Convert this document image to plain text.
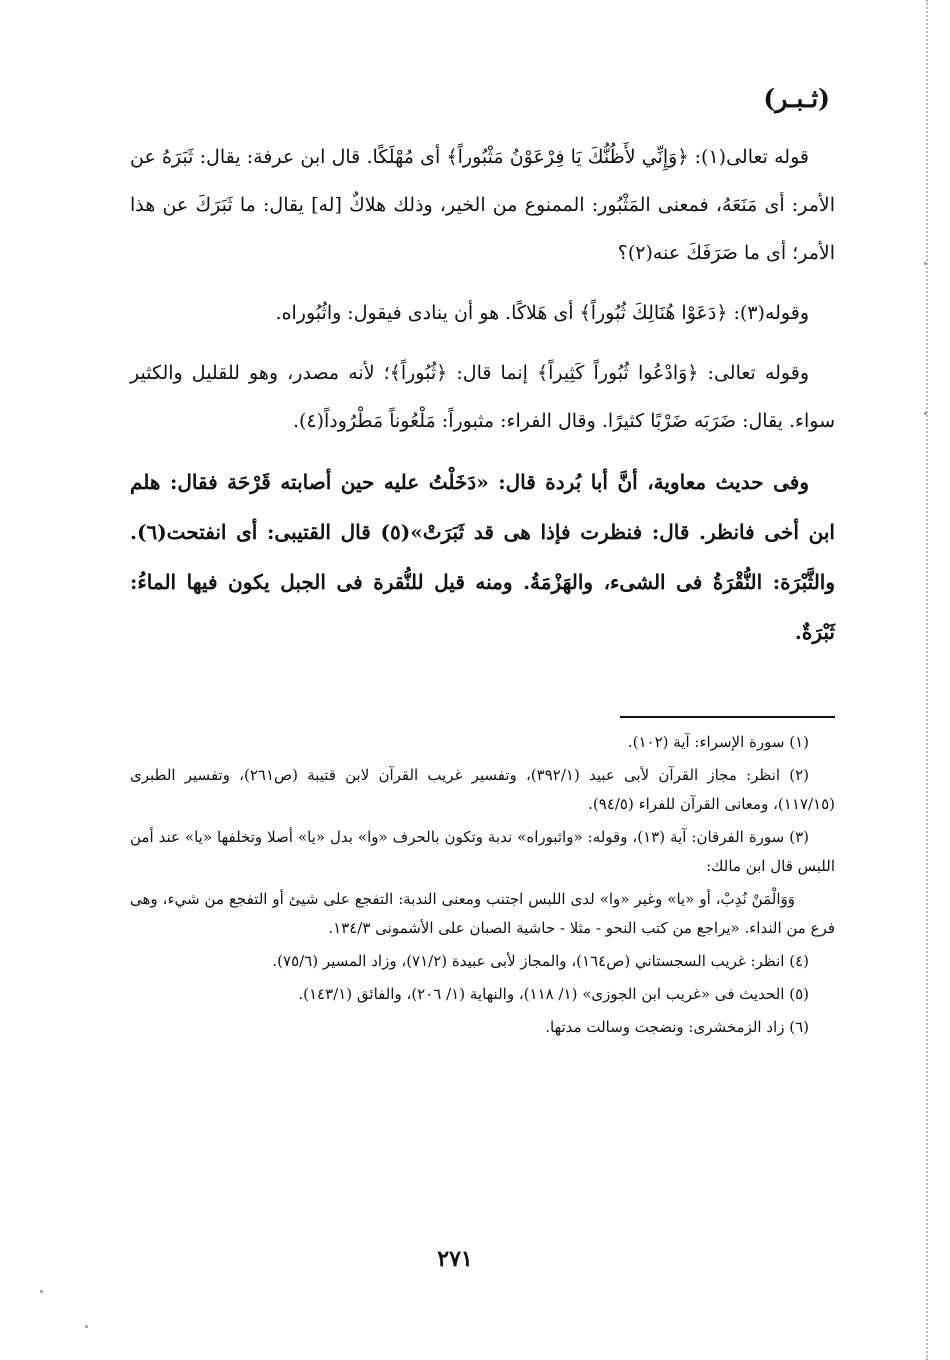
(ثـبـر)

قوله تعالى(١): ﴿وَإِنِّي لأَظُنُّكَ يَا فِرْعَوْنُ مَثْبُوراً﴾ أى مُهْلَكًا. قال ابن عرفة: يقال: ثَبَرَهُ عن الأمر: أى مَنَعَهُ، فمعنى المَثْبُور: الممنوع من الخير، وذلك هلاكٌ [له] يقال: ما ثَبَرَكَ عن هذا الأمر؛ أى ما صَرَفَكَ عنه(٢)؟

وقوله(٣): ﴿دَعَوْا هُنَالِكَ ثُبُوراً﴾ أى هَلاكًا. هو أن ينادى فيقول: واثُبُوراه.

وقوله تعالى: ﴿وَادْعُوا ثُبُوراً كَثِيراً﴾ إنما قال: ﴿ثُبُوراً﴾؛ لأنه مصدر، وهو للقليل والكثير سواء. يقال: ضَرَبَه ضَرْبًا كثيرًا. وقال الفراء: مثبوراً: مَلْعُوناً مَطْرُوداً(٤).

وفى حديث معاوية، أنَّ أبا بُردة قال: «دَخَلْتُ عليه حين أصابته قَرْحَة فقال: هلم ابن أخى فانظر. قال: فنظرت فإذا هى قد ثَبَرَتْ»(٥) قال القتيبى: أى انفتحت(٦). والثَّبْرَة: النُّقْرَةُ فى الشىء، والهَزْمَةُ. ومنه قيل للنُّقرة فى الجبل يكون فيها الماءُ: ثَبْرَةٌ.

(١) سورة الإسراء: آية (١٠٢).

(٢) انظر: مجاز القرآن لأبى عبيد (٣٩٢/١)، وتفسير غريب القرآن لابن قتيبة (ص٢٦١)، وتفسير الطبرى (١١٧/١٥)، ومعانى القرآن للفراء (٩٤/٥).

(٣) سورة الفرقان: آية (١٣)، وقوله: «واثبوراه» ندبة وتكون بالحرف «وا» بدل «يا» أصلا وتخلفها «يا» عند أمن اللبس قال ابن مالك:

وَوَالْمَنْ نُدِبْ، أو «يا» وغير «وا» لدى اللبس اجتنب ومعنى الندبة: التفجع على شيئ أو التفجع من شيء، وهى فرع من النداء. «يراجع من كتب النحو - مثلا - حاشية الصبان على الأشمونى ١٣٤/٣.

(٤) انظر: غريب السجستاني (ص١٦٤)، والمجاز لأبى عبيدة (٧١/٢)، وزاد المسير (٧٥/٦).

(٥) الحديث فى «غريب ابن الجوزى» (١/ ١١٨)، والنهاية (١/ ٢٠٦)، والفائق (١٤٣/١).

(٦) زاد الزمخشرى: ونضجت وسالت مدتها.

٢٧١
